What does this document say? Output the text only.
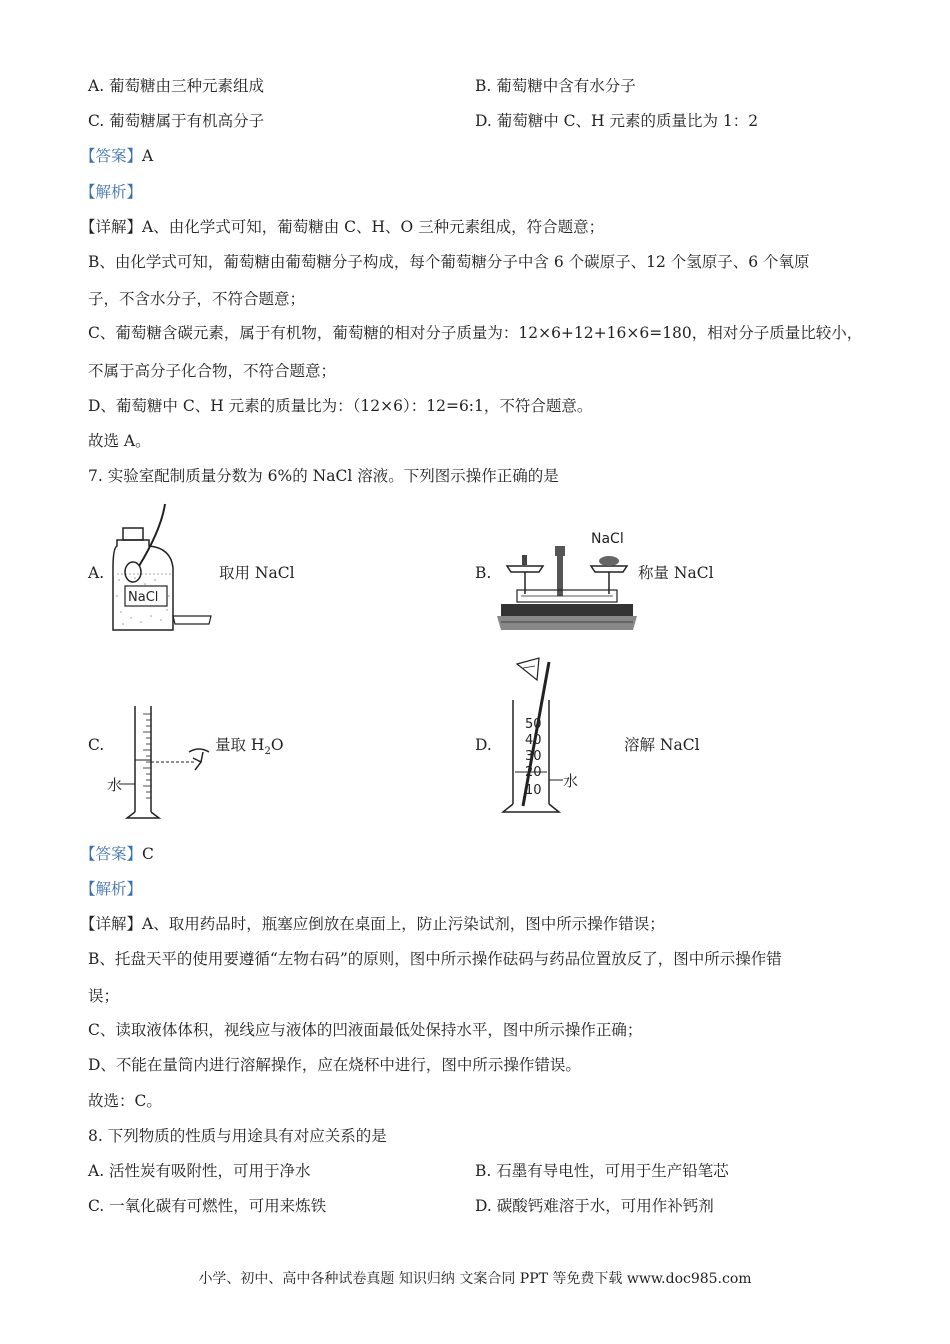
A. 葡萄糖由三种元素组成	B. 葡萄糖中含有水分子
C. 葡萄糖属于有机高分子	D. 葡萄糖中 C、H 元素的质量比为 1：2
【答案】A
【解析】
【详解】A、由化学式可知，葡萄糖由 C、H、O 三种元素组成，符合题意；
B、由化学式可知，葡萄糖由葡萄糖分子构成，每个葡萄糖分子中含 6 个碳原子、12 个氢原子、6 个氧原
子，不含水分子，不符合题意；
C、葡萄糖含碳元素，属于有机物，葡萄糖的相对分子质量为：12×6+12+16×6=180，相对分子质量比较小，
不属于高分子化合物，不符合题意；
D、葡萄糖中 C、H 元素的质量比为：（12×6）：12=6:1，不符合题意。
故选 A。
7. 实验室配制质量分数为 6%的 NaCl 溶液。下列图示操作正确的是
A.
NaCl
取用 NaCl	B.
NaCl
称量 NaCl
C.
水
量取 $H_2O$	D.
50
40
30
20
10
水
溶解 NaCl
【答案】C
【解析】
【详解】A、取用药品时，瓶塞应倒放在桌面上，防止污染试剂，图中所示操作错误；
B、托盘天平的使用要遵循“左物右码”的原则，图中所示操作砝码与药品位置放反了，图中所示操作错
误；
C、读取液体体积，视线应与液体的凹液面最低处保持水平，图中所示操作正确；
D、不能在量筒内进行溶解操作，应在烧杯中进行，图中所示操作错误。
故选：C。
8. 下列物质的性质与用途具有对应关系的是
A. 活性炭有吸附性，可用于净水	B. 石墨有导电性，可用于生产铅笔芯
C. 一氧化碳有可燃性，可用来炼铁	D. 碳酸钙难溶于水，可用作补钙剂
小学、初中、高中各种试卷真题 知识归纳 文案合同 PPT 等免费下载 www.doc985.com
